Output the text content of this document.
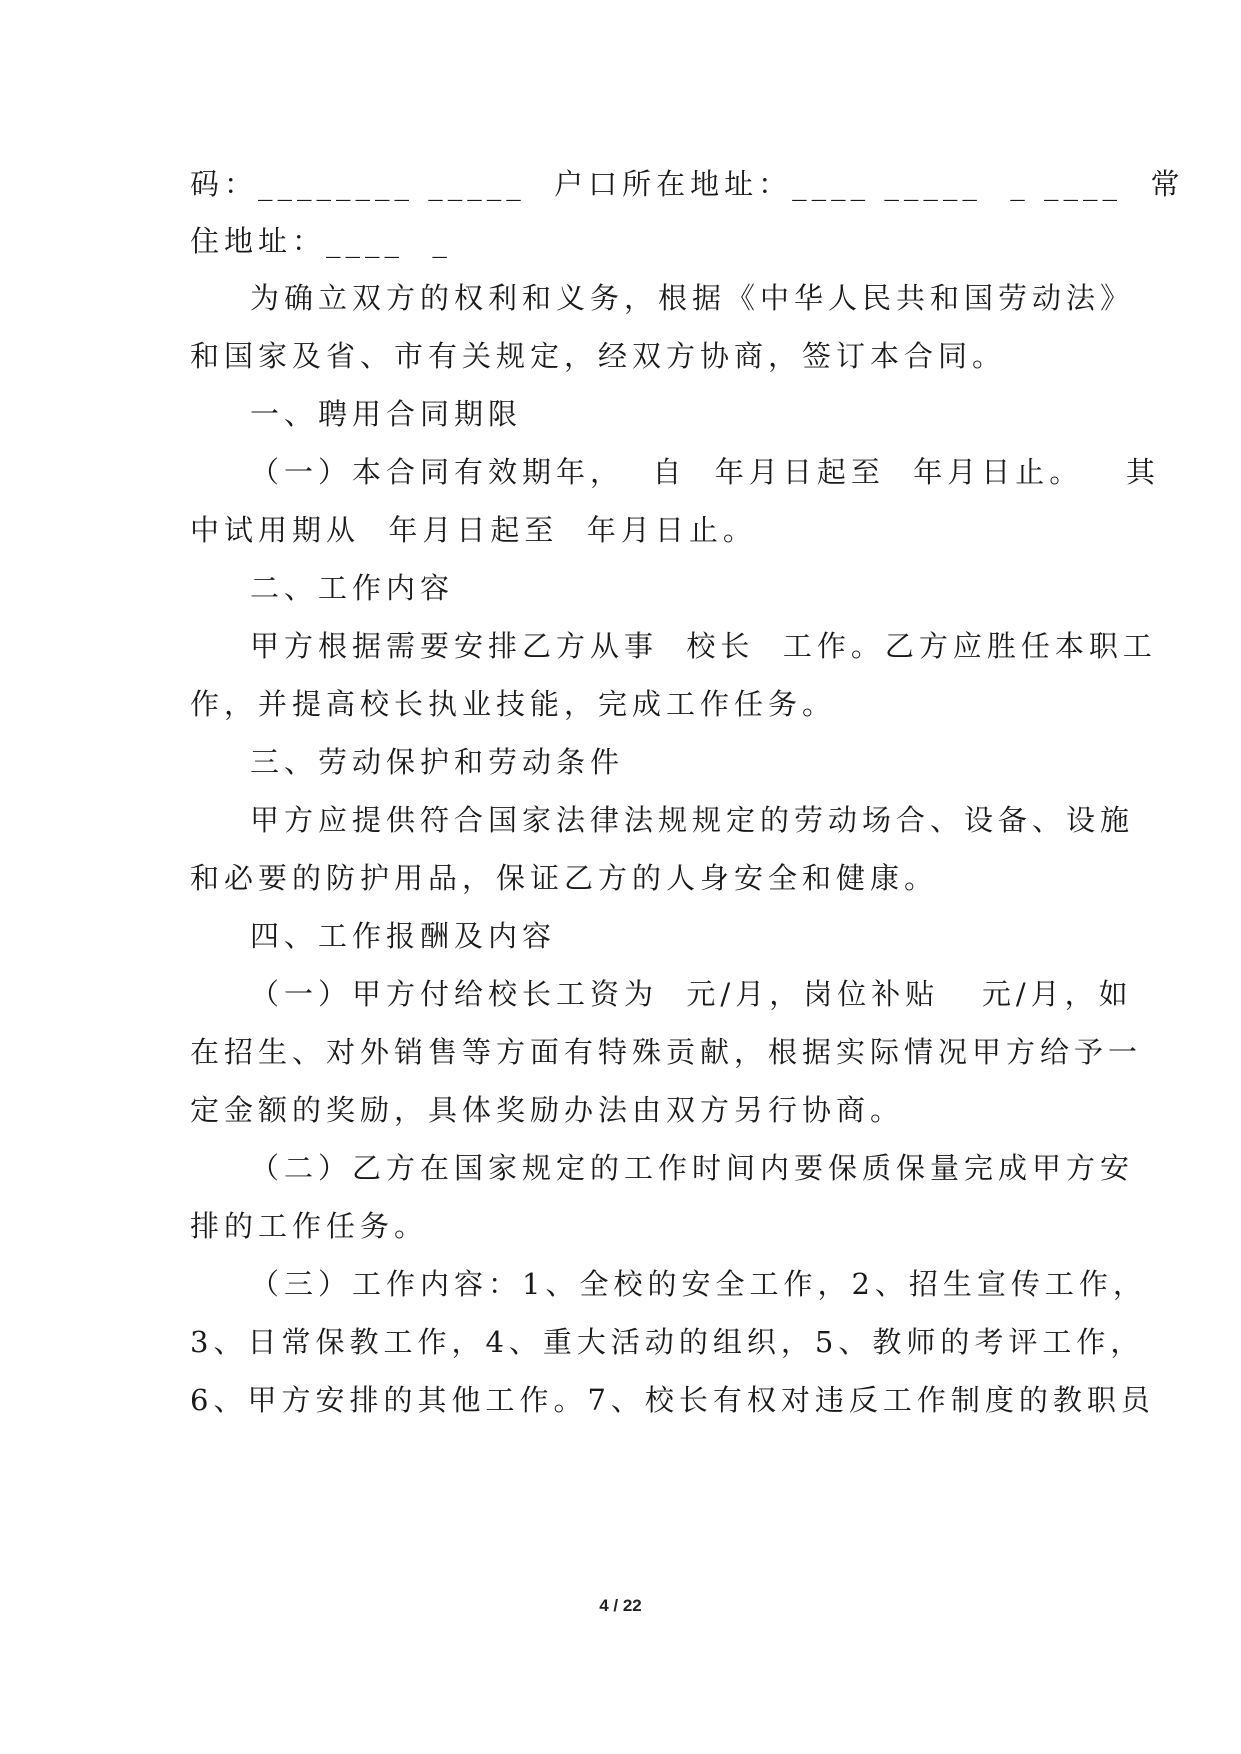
码：________ _____  户口所在地址：____ _____  _ ____  常
住地址：____  _
为确立双方的权利和义务，根据《中华人民共和国劳动法》
和国家及省、市有关规定，经双方协商，签订本合同。
一、聘用合同期限
（一）本合同有效期年，  自  年月日起至  年月日止。   其
中试用期从  年月日起至  年月日止。
二、工作内容
甲方根据需要安排乙方从事  校长  工作。乙方应胜任本职工
作，并提高校长执业技能，完成工作任务。
三、劳动保护和劳动条件
甲方应提供符合国家法律法规规定的劳动场合、设备、设施
和必要的防护用品，保证乙方的人身安全和健康。
四、工作报酬及内容
（一）甲方付给校长工资为  元/月，岗位补贴   元/月，如
在招生、对外销售等方面有特殊贡献，根据实际情况甲方给予一
定金额的奖励，具体奖励办法由双方另行协商。
（二）乙方在国家规定的工作时间内要保质保量完成甲方安
排的工作任务。
（三）工作内容：1、全校的安全工作，2、招生宣传工作，
3、日常保教工作，4、重大活动的组织，5、教师的考评工作，
6、甲方安排的其他工作。7、校长有权对违反工作制度的教职员
4 / 22
